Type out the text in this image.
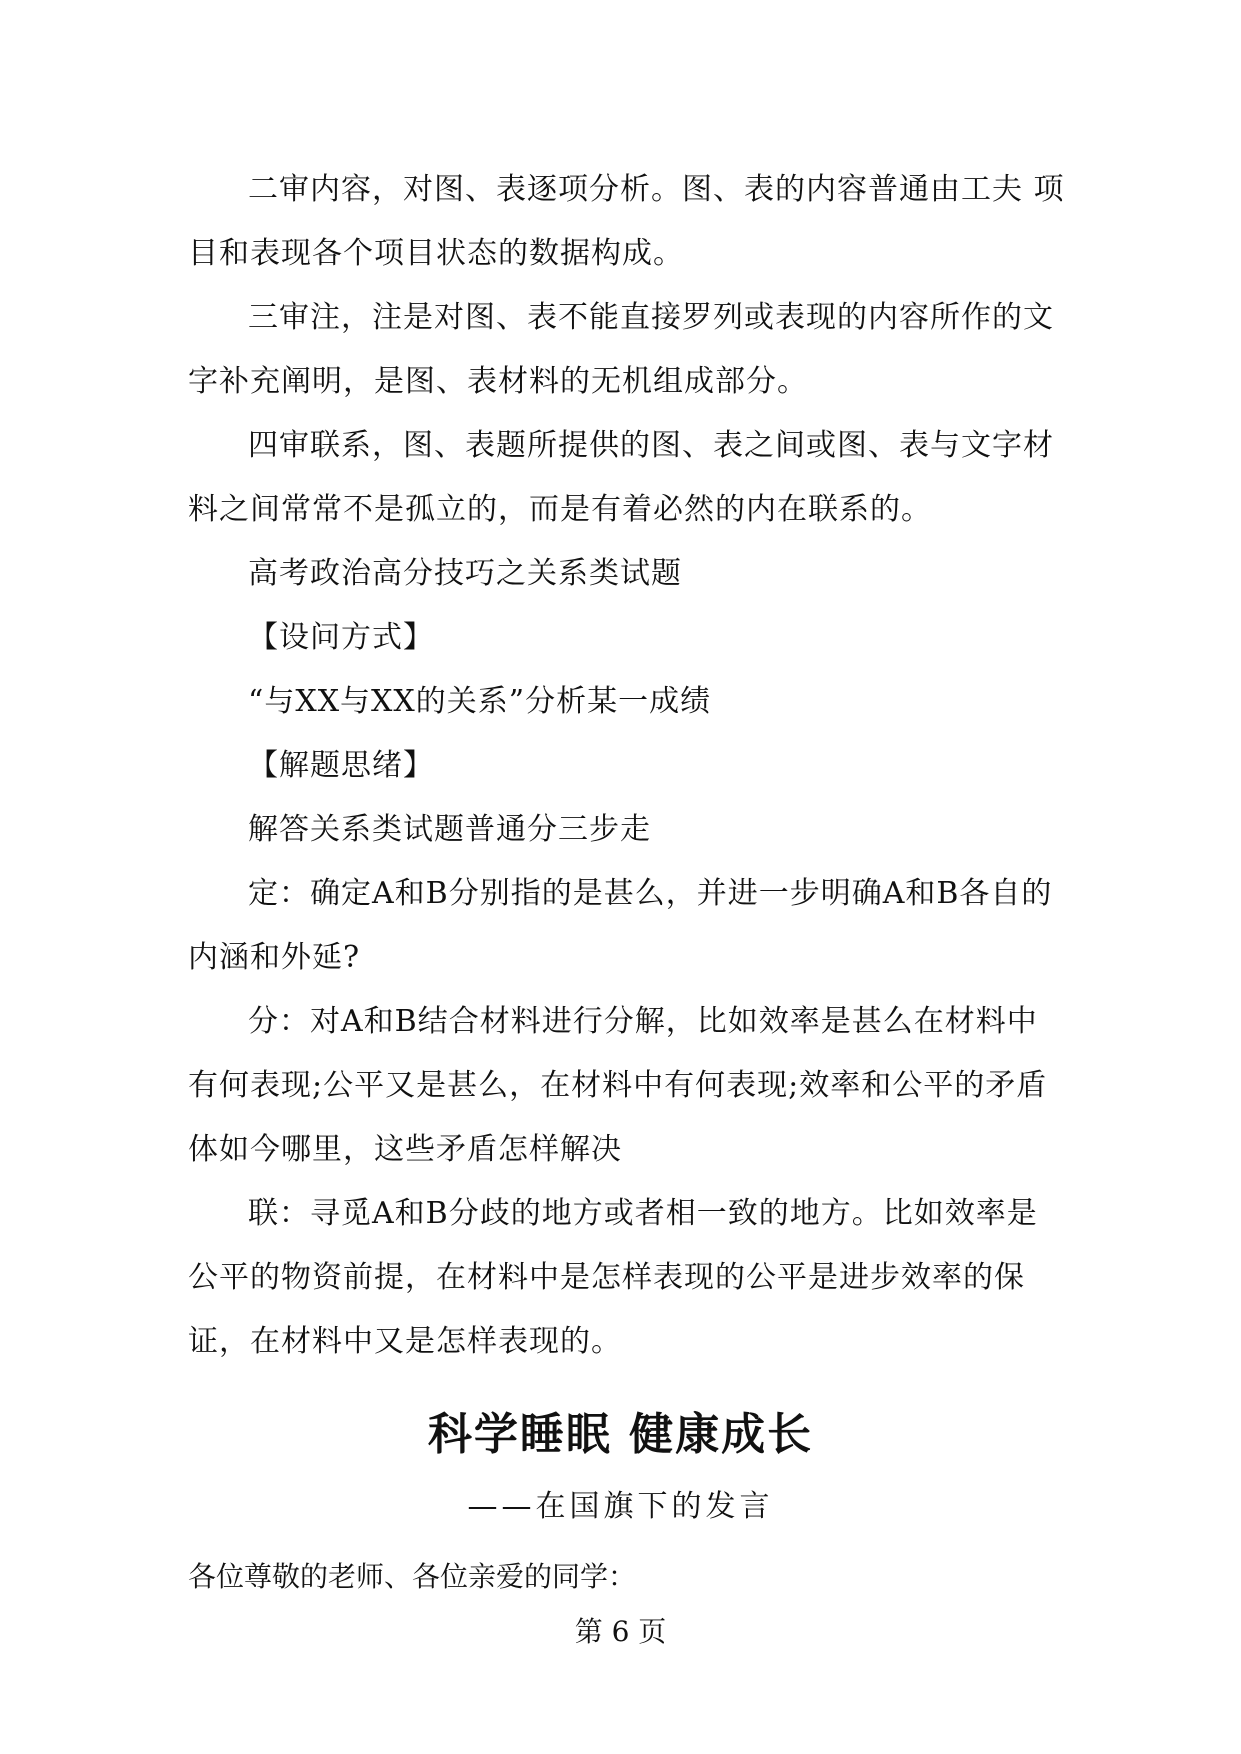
二审内容，对图、表逐项分析。图、表的内容普通由工夫 项目和表现各个项目状态的数据构成。

三审注，注是对图、表不能直接罗列或表现的内容所作的文字补充阐明，是图、表材料的无机组成部分。

四审联系，图、表题所提供的图、表之间或图、表与文字材料之间常常不是孤立的，而是有着必然的内在联系的。

高考政治高分技巧之关系类试题

【设问方式】

“与XX与XX的关系”分析某一成绩

【解题思绪】

解答关系类试题普通分三步走

定：确定A和B分别指的是甚么，并进一步明确A和B各自的内涵和外延?

分：对A和B结合材料进行分解，比如效率是甚么在材料中有何表现;公平又是甚么，在材料中有何表现;效率和公平的矛盾体如今哪里，这些矛盾怎样解决

联：寻觅A和B分歧的地方或者相一致的地方。比如效率是公平的物资前提，在材料中是怎样表现的公平是进步效率的保证，在材料中又是怎样表现的。

科学睡眠 健康成长

——在国旗下的发言

各位尊敬的老师、各位亲爱的同学：

第 6 页
